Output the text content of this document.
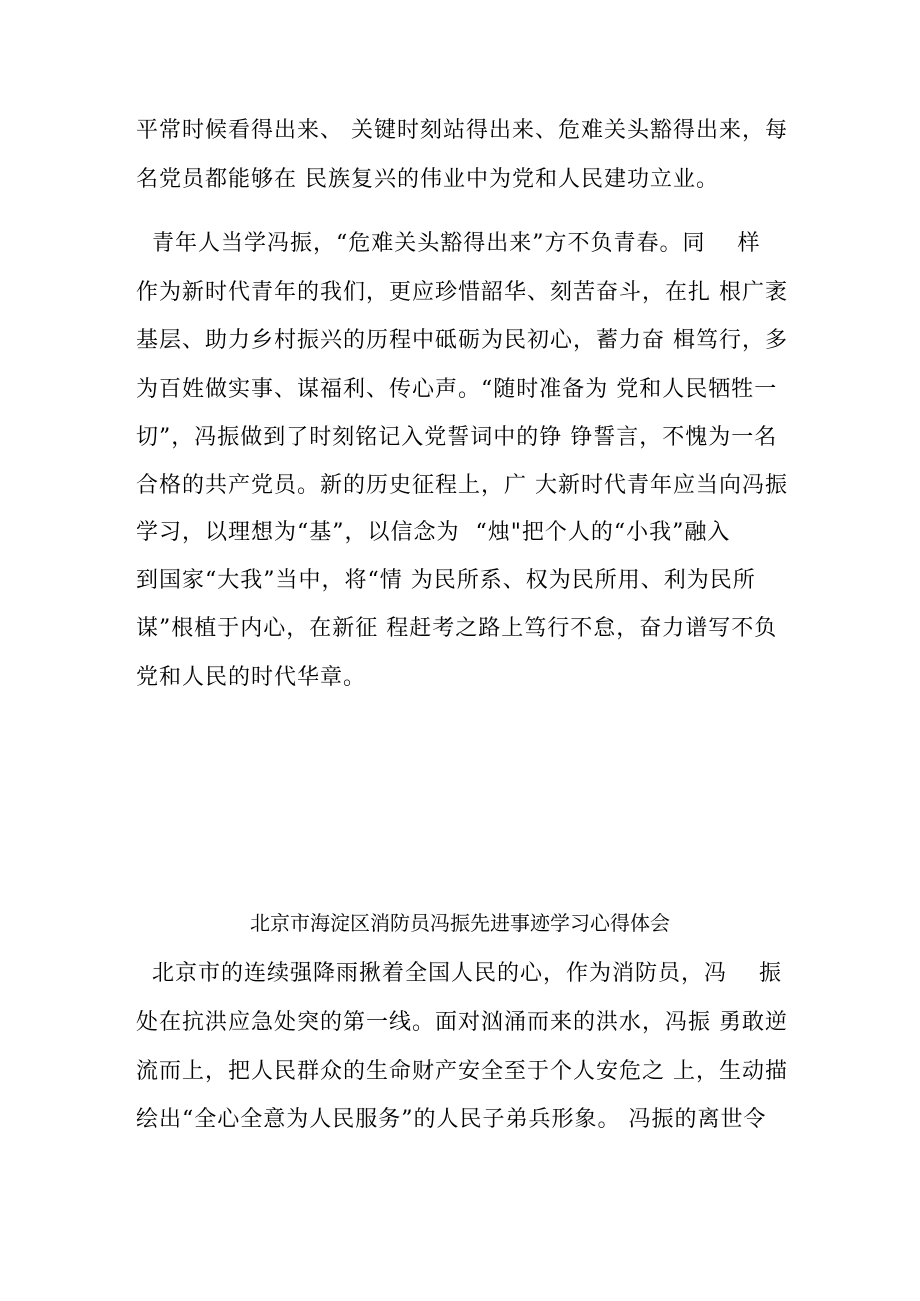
平常时候看得出来、 关键时刻站得出来、危难关头豁得出来，每
名党员都能够在 民族复兴的伟业中为党和人民建功立业。
青年人当学冯振，“危难关头豁得出来”方不负青春。同    样
作为新时代青年的我们，更应珍惜韶华、刻苦奋斗，在扎 根广袤
基层、助力乡村振兴的历程中砥砺为民初心，蓄力奋 楫笃行，多
为百姓做实事、谋福利、传心声。“随时准备为 党和人民牺牲一
切”，冯振做到了时刻铭记入党誓词中的铮 铮誓言，不愧为一名
合格的共产党员。新的历史征程上，广 大新时代青年应当向冯振
学习，以理想为“基”，以信念为  “烛"把个人的“小我”融入
到国家“大我”当中，将“情 为民所系、权为民所用、利为民所
谋”根植于内心，在新征 程赶考之路上笃行不怠，奋力谱写不负
党和人民的时代华章。
北京市海淀区消防员冯振先进事迹学习心得体会
北京市的连续强降雨揪着全国人民的心，作为消防员，冯    振
处在抗洪应急处突的第一线。面对汹涌而来的洪水，冯振 勇敢逆
流而上，把人民群众的生命财产安全至于个人安危之 上，生动描
绘出“全心全意为人民服务”的人民子弟兵形象。 冯振的离世令
